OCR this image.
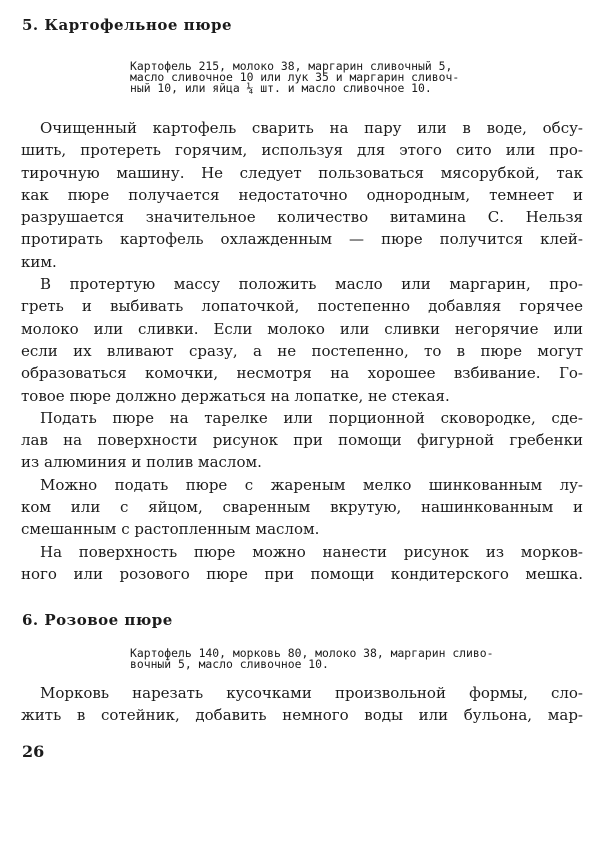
5. Картофельное пюре
Картофель 215, молоко 38, маргарин сливочный 5,
масло сливочное 10 или лук 35 и маргарин сливоч-
ный 10, или яйца ¼ шт. и масло сливочное 10.
Очищенный картофель сварить на пару или в воде, обсу-
шить, протереть горячим, используя для этого сито или про-
тирочную машину. Не следует пользоваться мясорубкой, так
как пюре получается недостаточно однородным, темнеет и
разрушается значительное количество витамина С. Нельзя
протирать картофель охлажденным — пюре получится клей-
ким.
В протертую массу положить масло или маргарин, про-
греть и выбивать лопаточкой, постепенно добавляя горячее
молоко или сливки. Если молоко или сливки негорячие или
если их вливают сразу, а не постепенно, то в пюре могут
образоваться комочки, несмотря на хорошее взбивание. Го-
товое пюре должно держаться на лопатке, не стекая.
Подать пюре на тарелке или порционной сковородке, сде-
лав на поверхности рисунок при помощи фигурной гребенки
из алюминия и полив маслом.
Можно подать пюре с жареным мелко шинкованным лу-
ком или с яйцом, сваренным вкрутую, нашинкованным и
смешанным с растопленным маслом.
На поверхность пюре можно нанести рисунок из морков-
ного или розового пюре при помощи кондитерского мешка.
6. Розовое пюре
Картофель 140, морковь 80, молоко 38, маргарин сливо-
вочный 5, масло сливочное 10.
Морковь нарезать кусочками произвольной формы, сло-
жить в сотейник, добавить немного воды или бульона, мар-
26
